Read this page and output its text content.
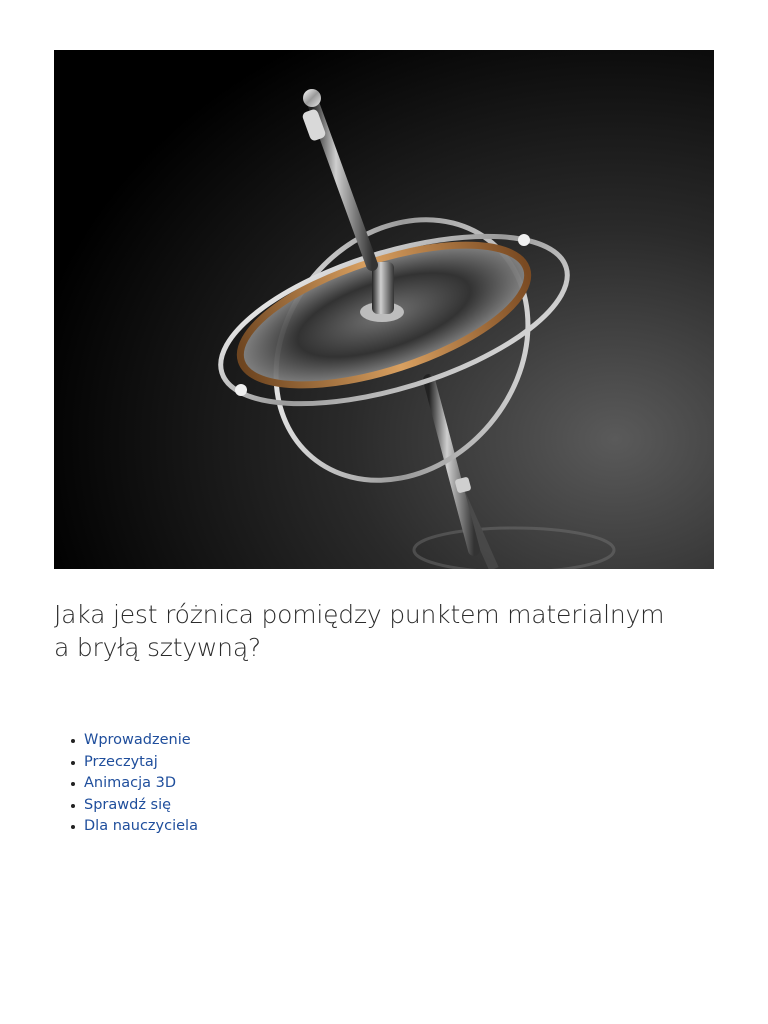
Jaka jest różnica pomiędzy punktem materialnym
a bryłą sztywną?
Wprowadzenie
Przeczytaj
Animacja 3D
Sprawdź się
Dla nauczyciela
